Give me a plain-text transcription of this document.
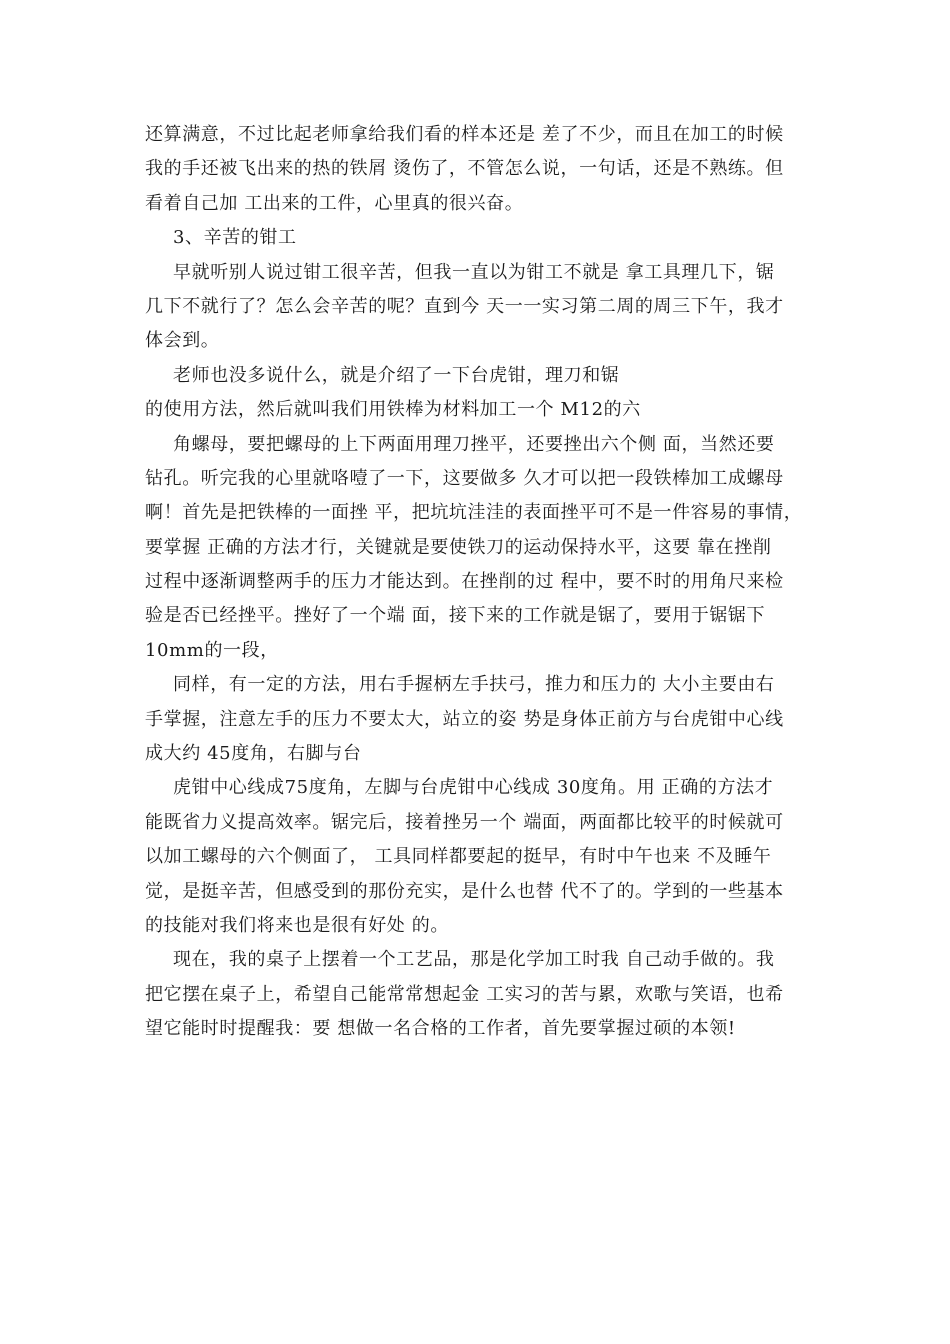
还算满意，不过比起老师拿给我们看的样本还是 差了不少，而且在加工的时候
我的手还被飞出来的热的铁屑 烫伤了，不管怎么说，一句话，还是不熟练。但
看着自己加 工出来的工件，心里真的很兴奋。
3、辛苦的钳工
早就听别人说过钳工很辛苦，但我一直以为钳工不就是 拿工具理几下，锯
几下不就行了？怎么会辛苦的呢？直到今 天一一实习第二周的周三下午，我才
体会到。
老师也没多说什么，就是介绍了一下台虎钳，理刀和锯
的使用方法，然后就叫我们用铁棒为材料加工一个 M12的六
角螺母，要把螺母的上下两面用理刀挫平，还要挫出六个侧 面，当然还要
钻孔。听完我的心里就咯噎了一下，这要做多 久才可以把一段铁棒加工成螺母
啊！首先是把铁棒的一面挫 平，把坑坑洼洼的表面挫平可不是一件容易的事情，
要掌握 正确的方法才行，关键就是要使铁刀的运动保持水平，这要 靠在挫削
过程中逐渐调整两手的压力才能达到。在挫削的过 程中，要不时的用角尺来检
验是否已经挫平。挫好了一个端 面，接下来的工作就是锯了，要用于锯锯下
10mm的一段，
同样，有一定的方法，用右手握柄左手扶弓，推力和压力的 大小主要由右
手掌握，注意左手的压力不要太大，站立的姿 势是身体正前方与台虎钳中心线
成大约 45度角，右脚与台
虎钳中心线成75度角，左脚与台虎钳中心线成 30度角。用 正确的方法才
能既省力义提高效率。锯完后，接着挫另一个 端面，两面都比较平的时候就可
以加工螺母的六个侧面了， 工具同样都要起的挺早，有时中午也来 不及睡午
觉，是挺辛苦，但感受到的那份充实，是什么也替 代不了的。学到的一些基本
的技能对我们将来也是很有好处 的。
现在，我的桌子上摆着一个工艺品，那是化学加工时我 自己动手做的。我
把它摆在桌子上，希望自己能常常想起金 工实习的苦与累，欢歌与笑语，也希
望它能时时提醒我：要 想做一名合格的工作者，首先要掌握过硕的本领!
